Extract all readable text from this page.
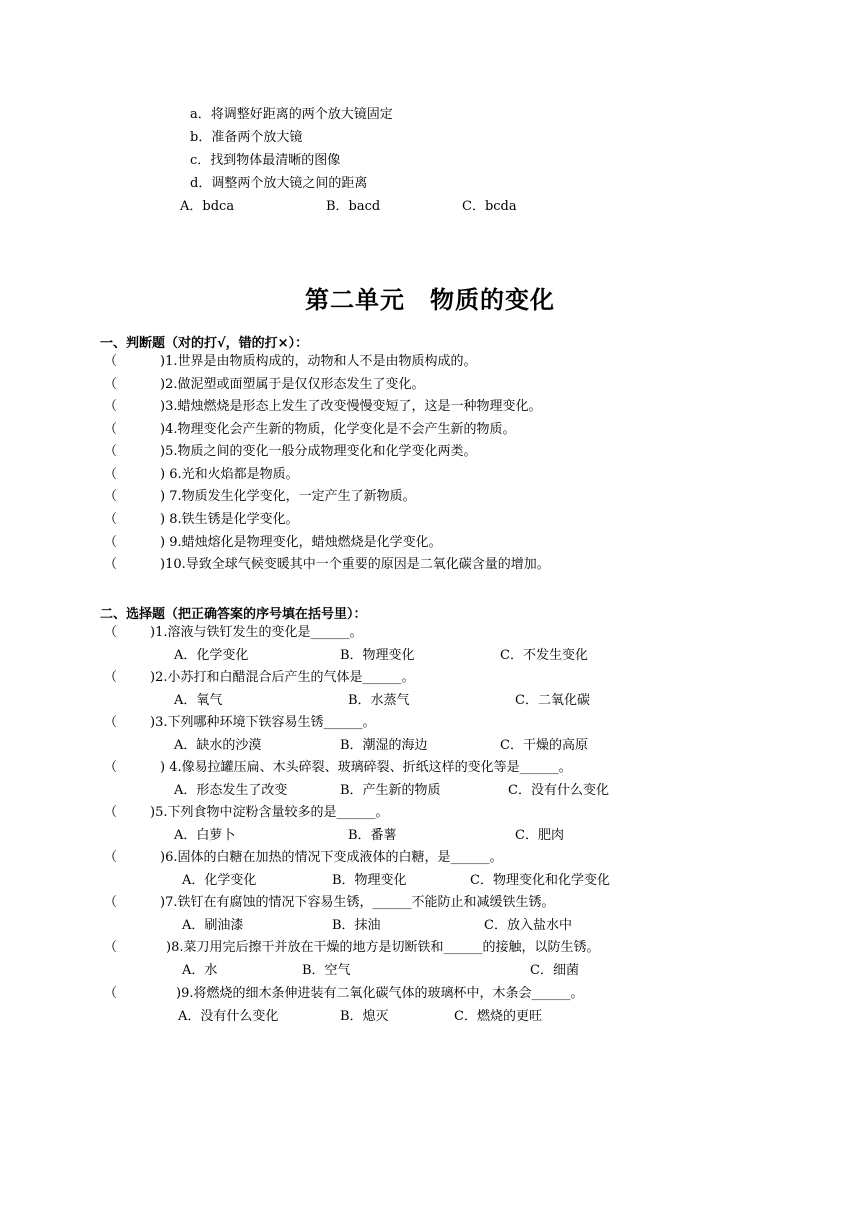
a．将调整好距离的两个放大镜固定
b．准备两个放大镜
c．找到物体最清晰的图像
d．调整两个放大镜之间的距离
A．bdca	B．bacd	C．bcda
第二单元　物质的变化
一、判断题（对的打√，错的打×）：
（	)1.世界是由物质构成的，动物和人不是由物质构成的。
（	)2.做泥塑或面塑属于是仅仅形态发生了变化。
（	)3.蜡烛燃烧是形态上发生了改变慢慢变短了，这是一种物理变化。
（	)4.物理变化会产生新的物质，化学变化是不会产生新的物质。
（	)5.物质之间的变化一般分成物理变化和化学变化两类。
（	) 6.光和火焰都是物质。
（	) 7.物质发生化学变化，一定产生了新物质。
（	) 8.铁生锈是化学变化。
（	) 9.蜡烛熔化是物理变化，蜡烛燃烧是化学变化。
（	)10.导致全球气候变暖其中一个重要的原因是二氧化碳含量的增加。
二、选择题（把正确答案的序号填在括号里）：
（	)1.溶液与铁钉发生的变化是______。
A．化学变化	B．物理变化	C．不发生变化
（	)2.小苏打和白醋混合后产生的气体是______。
A．氧气	B．水蒸气	C．二氧化碳
（	)3.下列哪种环境下铁容易生锈______。
A．缺水的沙漠	B．潮湿的海边	C．干燥的高原
（	) 4.像易拉罐压扁、木头碎裂、玻璃碎裂、折纸这样的变化等是______。
A．形态发生了改变	B．产生新的物质	C．没有什么变化
（	)5.下列食物中淀粉含量较多的是______。
A．白萝卜	B．番薯	C．肥肉
（	)6.固体的白糖在加热的情况下变成液体的白糖，是______。
A．化学变化	B．物理变化	C．物理变化和化学变化
（	)7.铁钉在有腐蚀的情况下容易生锈，______不能防止和减缓铁生锈。
A．刷油漆	B．抹油	C．放入盐水中
（	)8.菜刀用完后擦干并放在干燥的地方是切断铁和______的接触，以防生锈。
A．水	B．空气	C．细菌
（	)9.将燃烧的细木条伸进装有二氧化碳气体的玻璃杯中，木条会______。
A．没有什么变化	B．熄灭	C．燃烧的更旺
